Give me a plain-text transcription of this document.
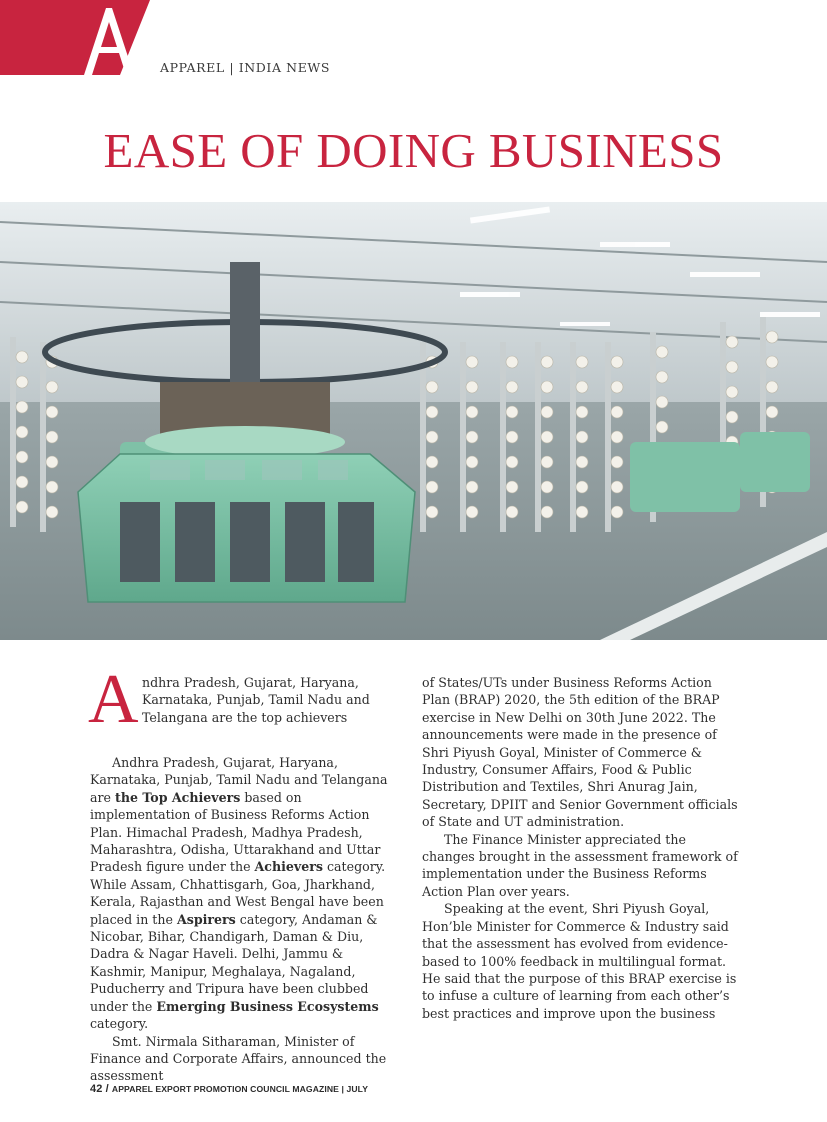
APPAREL | INDIA NEWS
EASE OF DOING BUSINESS
A ndhra Pradesh, Gujarat, Haryana, Karnataka, Punjab, Tamil Nadu and Telangana are the top achievers

Andhra Pradesh, Gujarat, Haryana, Karnataka, Punjab, Tamil Nadu and Telangana are the Top Achievers based on implementation of Business Reforms Action Plan. Himachal Pradesh, Madhya Pradesh, Maharashtra, Odisha, Uttarakhand and Uttar Pradesh figure under the Achievers category. While Assam, Chhattisgarh, Goa, Jharkhand, Kerala, Rajasthan and West Bengal have been placed in the Aspirers category, Andaman & Nicobar, Bihar, Chandigarh, Daman & Diu, Dadra & Nagar Haveli. Delhi, Jammu & Kashmir, Manipur, Meghalaya, Nagaland, Puducherry and Tripura have been clubbed under the Emerging Business Ecosystems category.

Smt. Nirmala Sitharaman, Minister of Finance and Corporate Affairs, announced the assessment

of States/UTs under Business Reforms Action Plan (BRAP) 2020, the 5th edition of the BRAP exercise in New Delhi on 30th June 2022. The announcements were made in the presence of Shri Piyush Goyal, Minister of Commerce & Industry, Consumer Affairs, Food & Public Distribution and Textiles, Shri Anurag Jain, Secretary, DPIIT and Senior Government officials of State and UT administration.

The Finance Minister appreciated the changes brought in the assessment framework of implementation under the Business Reforms Action Plan over years.

Speaking at the event, Shri Piyush Goyal, Hon’ble Minister for Commerce & Industry said that the assessment has evolved from evidence-based to 100% feedback in multilingual format. He said that the purpose of this BRAP exercise is to infuse a culture of learning from each other’s best practices and improve upon the business

42 / APPAREL EXPORT PROMOTION COUNCIL MAGAZINE | JULY
